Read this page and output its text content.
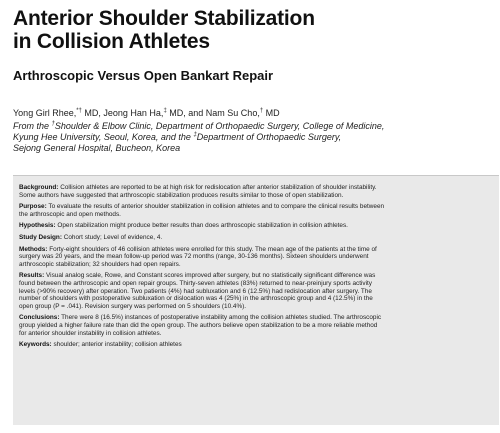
Anterior Shoulder Stabilization
in Collision Athletes
Arthroscopic Versus Open Bankart Repair
Yong Girl Rhee,*† MD, Jeong Han Ha,‡ MD, and Nam Su Cho,† MD
From the †Shoulder & Elbow Clinic, Department of Orthopaedic Surgery, College of Medicine,
Kyung Hee University, Seoul, Korea, and the ‡Department of Orthopaedic Surgery,
Sejong General Hospital, Bucheon, Korea

Background: Collision athletes are reported to be at high risk for redislocation after anterior stabilization of shoulder instability.
Some authors have suggested that arthroscopic stabilization produces results similar to those of open stabilization.

Purpose: To evaluate the results of anterior shoulder stabilization in collision athletes and to compare the clinical results between
the arthroscopic and open methods.

Hypothesis: Open stabilization might produce better results than does arthroscopic stabilization in collision athletes.

Study Design: Cohort study; Level of evidence, 4.

Methods: Forty-eight shoulders of 46 collision athletes were enrolled for this study. The mean age of the patients at the time of
surgery was 20 years, and the mean follow-up period was 72 months (range, 30-136 months). Sixteen shoulders underwent
arthroscopic stabilization; 32 shoulders had open repairs.

Results: Visual analog scale, Rowe, and Constant scores improved after surgery, but no statistically significant difference was
found between the arthroscopic and open repair groups. Thirty-seven athletes (83%) returned to near-preinjury sports activity
levels (>90% recovery) after operation. Two patients (4%) had subluxation and 6 (12.5%) had redislocation after surgery. The
number of shoulders with postoperative subluxation or dislocation was 4 (25%) in the arthroscopic group and 4 (12.5%) in the
open group (P = .041). Revision surgery was performed on 5 shoulders (10.4%).

Conclusions: There were 8 (16.5%) instances of postoperative instability among the collision athletes studied. The arthroscopic
group yielded a higher failure rate than did the open group. The authors believe open stabilization to be a more reliable method
for anterior shoulder instability in collision athletes.

Keywords: shoulder; anterior instability; collision athletes
